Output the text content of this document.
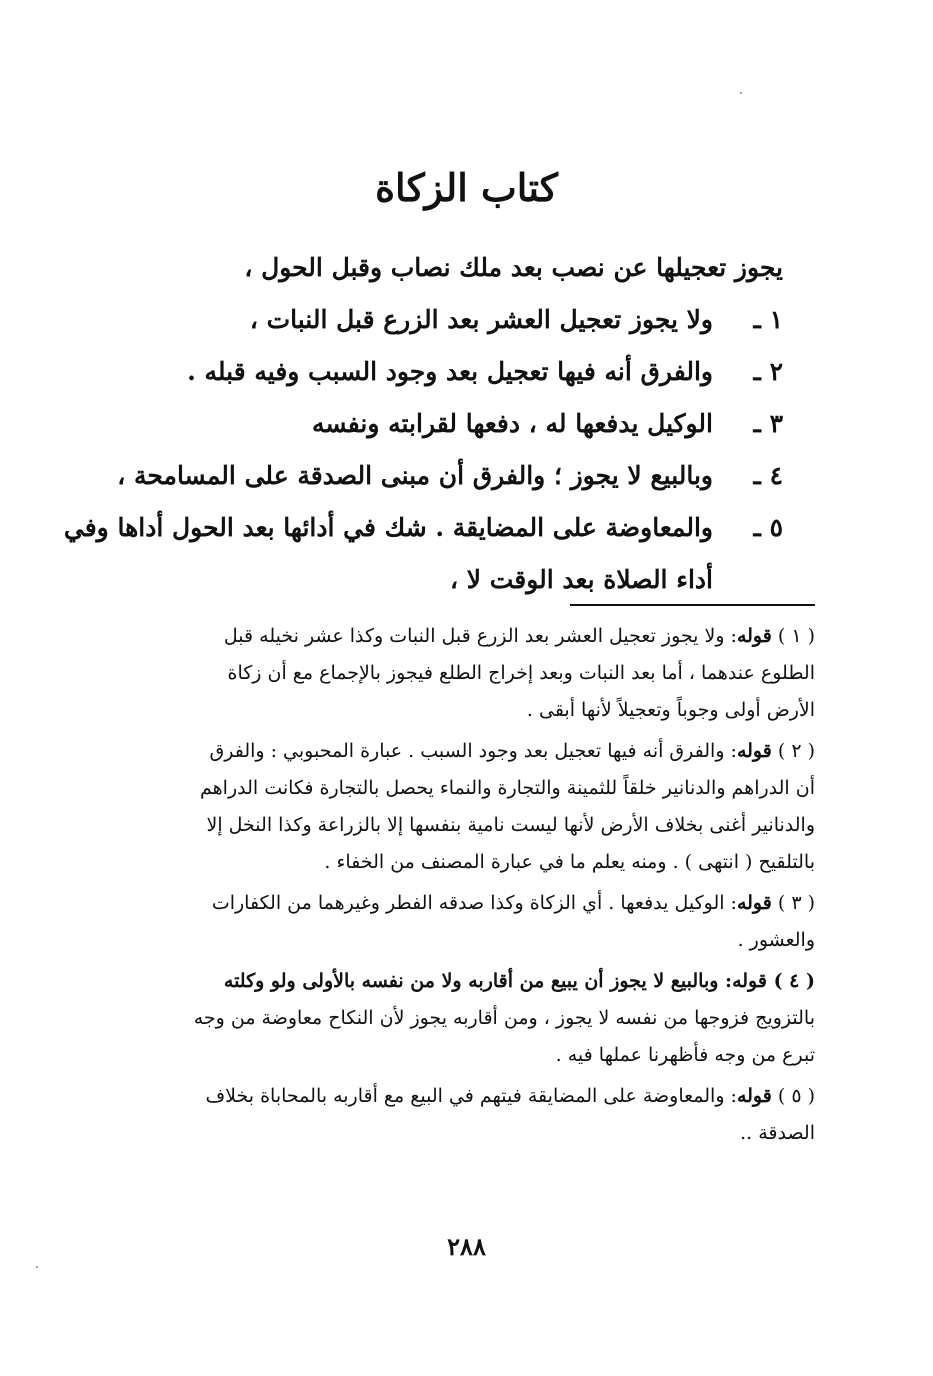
كتاب الزكاة
يجوز تعجيلها عن نصب بعد ملك نصاب وقبل الحول ،
١ ـولا يجوز تعجيل العشر بعد الزرع قبل النبات ،
٢ ـوالفرق أنه فيها تعجيل بعد وجود السبب وفيه قبله .
٣ ـالوكيل يدفعها له ، دفعها لقرابته ونفسه
٤ ـوبالبيع لا يجوز ؛ والفرق أن مبنى الصدقة على المسامحة ،
٥ ـوالمعاوضة على المضايقة . شك في أدائها بعد الحول أداها وفي
أداء الصلاة بعد الوقت لا ،
( ١ ) قوله: ولا يجوز تعجيل العشر بعد الزرع قبل النبات وكذا عشر نخيله قبل
الطلوع عندهما ، أما بعد النبات وبعد إخراج الطلع فيجوز بالإجماع مع أن زكاة
الأرض أولى وجوباً وتعجيلاً لأنها أبقى .
( ٢ ) قوله: والفرق أنه فيها تعجيل بعد وجود السبب . عبارة المحبوبي : والفرق
أن الدراهم والدنانير خلقاً للثمينة والتجارة والنماء يحصل بالتجارة فكانت الدراهم
والدنانير أغنى بخلاف الأرض لأنها ليست نامية بنفسها إلا بالزراعة وكذا النخل إلا
بالتلقيح ( انتهى ) . ومنه يعلم ما في عبارة المصنف من الخفاء .
( ٣ ) قوله: الوكيل يدفعها . أي الزكاة وكذا صدقه الفطر وغيرهما من الكفارات
والعشور .
( ٤ ) قوله: وبالبيع لا يجوز أن يبيع من أقاربه ولا من نفسه بالأولى ولو وكلته
بالتزويج فزوجها من نفسه لا يجوز ، ومن أقاربه يجوز لأن النكاح معاوضة من وجه
تبرع من وجه فأظهرنا عملها فيه .
( ٥ ) قوله: والمعاوضة على المضايقة فيتهم في البيع مع أقاربه بالمحاباة بخلاف
الصدقة ..
٢٨٨
